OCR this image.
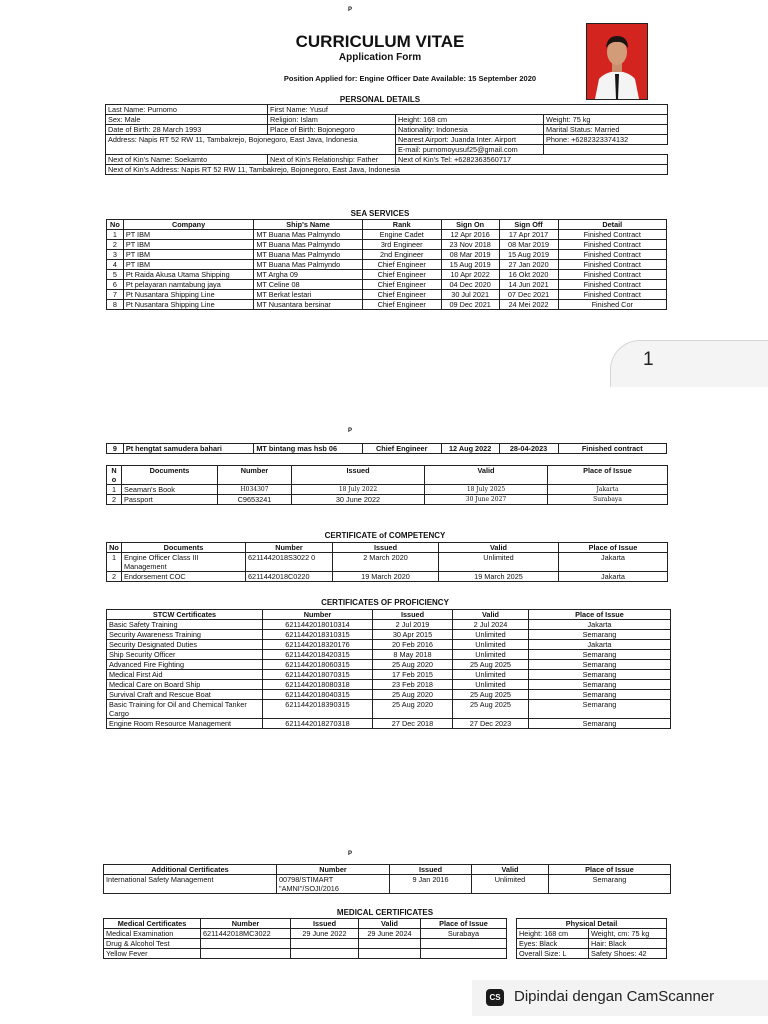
P
P
P
CURRICULUM VITAE
Application Form
Position Applied for: Engine Officer Date Available: 15 September 2020
PERSONAL DETAILS
Last Name: Purnomo	First Name: Yusuf		
Sex: Male	Religion: Islam	Height: 168 cm	Weight: 75 kg
Date of Birth: 28 March 1993	Place of Birth: Bojonegoro	Nationality: Indonesia	Marital Status: Married
Address: Napis RT 52 RW 11, Tambakrejo, Bojonegoro, East Java, Indonesia		Nearest Airport: Juanda Inter. Airport	Phone: +6282323374132
		E-mail: purnomoyusuf25@gmail.com	
Next of Kin's Name: Soekamto	Next of Kin's Relationship: Father	Next of Kin's Tel: +6282363560717	
Next of Kin's Address: Napis RT 52 RW 11, Tambakrejo, Bojonegoro, East Java, Indonesia			
SEA SERVICES
No	Company	Ship's Name	Rank	Sign On	Sign Off	Detail
1	PT IBM	MT Buana Mas Palmyndo	Engine Cadet	12 Apr 2016	17 Apr 2017	Finished Contract
2	PT IBM	MT Buana Mas Palmyndo	3rd Engineer	23 Nov 2018	08 Mar 2019	Finished Contract
3	PT IBM	MT Buana Mas Palmyndo	2nd Engineer	08 Mar 2019	15 Aug 2019	Finished Contract
4	PT IBM	MT Buana Mas Palmyndo	Chief Engineer	15 Aug 2019	27 Jan 2020	Finished Contract
5	Pt Raida Akusa Utama Shipping	MT Argha 09	Chief Engineer	10 Apr 2022	16 Okt 2020	Finished Contract
6	Pt pelayaran namtabung jaya	MT Celine 08	Chief Engineer	04 Dec 2020	14 Jun 2021	Finished Contract
7	Pt Nusantara Shipping Line	MT Berkat lestari	Chief Engineer	30 Jul 2021	07 Dec 2021	Finished Contract
8	Pt Nusantara Shipping Line	MT Nusantara bersinar	Chief Engineer	09 Dec 2021	24 Mei 2022	Finished Cor
1
9	Pt hengtat samudera bahari	MT bintang mas hsb 06	Chief Engineer	12 Aug 2022	28-04-2023	Finished contract
N o	Documents	Number	Issued	Valid	Place of Issue
1	Seaman's Book	H034307	18 July 2022	18 July 2025	Jakarta
2	Passport	C9653241	30 June 2022	30 June 2027	Surabaya
CERTIFICATE of COMPETENCY
No	Documents	Number	Issued	Valid	Place of Issue
1	Engine Officer Class III Management	6211442018S3022 0	2 March 2020	Unlimited	Jakarta
2	Endorsement COC	6211442018C0220	19 March 2020	19 March 2025	Jakarta
CERTIFICATES OF PROFICIENCY
STCW Certificates	Number	Issued	Valid	Place of Issue
Basic Safety Training	6211442018010314	2 Jul 2019	2 Jul 2024	Jakarta
Security Awareness Training	6211442018310315	30 Apr 2015	Unlimited	Semarang
Security Designated Duties	6211442018320176	20 Feb 2016	Unlimited	Jakarta
Ship Security Officer	6211442018420315	8 May 2018	Unlimited	Semarang
Advanced Fire Fighting	6211442018060315	25 Aug 2020	25 Aug 2025	Semarang
Medical First Aid	6211442018070315	17 Feb 2015	Unlimited	Semarang
Medical Care on Board Ship	6211442018080318	23 Feb 2018	Unlimited	Semarang
Survival Craft and Rescue Boat	6211442018040315	25 Aug 2020	25 Aug 2025	Semarang
Basic Training for Oil and Chemical Tanker Cargo	6211442018390315	25 Aug 2020	25 Aug 2025	Semarang
Engine Room Resource Management	6211442018270318	27 Dec 2018	27 Dec 2023	Semarang
Additional Certificates	Number	Issued	Valid	Place of Issue
International Safety Management	00798/STIMART "AMNI"/SOJI/2016	9 Jan 2016	Unlimited	Semarang
MEDICAL CERTIFICATES
Medical Certificates	Number	Issued	Valid	Place of Issue
Medical Examination	6211442018MC3022	29 June 2022	29 June 2024	Surabaya
Drug & Alcohol Test				
Yellow Fever				
Physical Detail	
Height: 168 cm	Weight, cm: 75 kg
Eyes: Black	Hair: Black
Overall Size: L	Safety Shoes: 42
CS Dipindai dengan CamScanner
